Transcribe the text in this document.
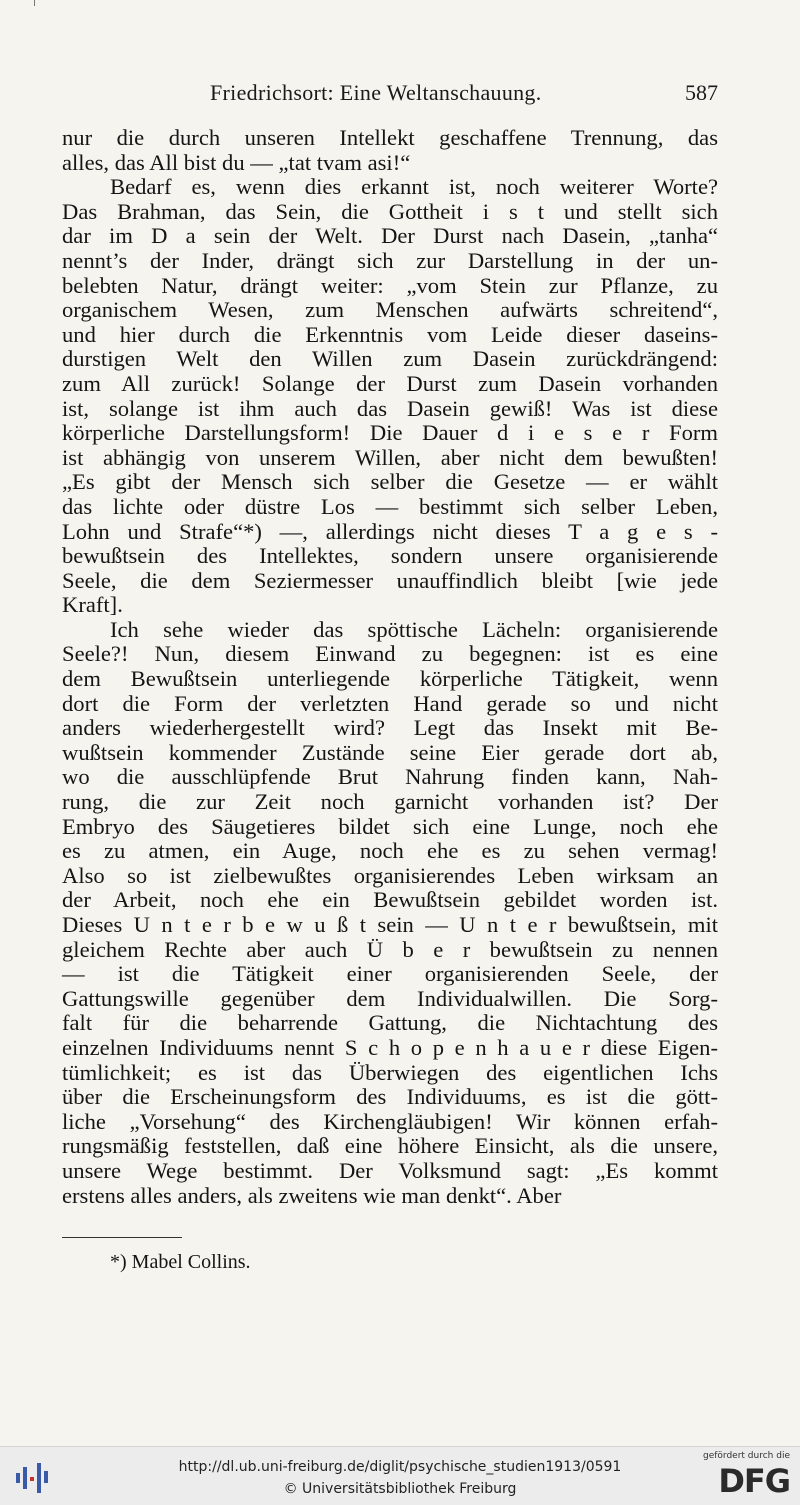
Friedrichsort: Eine Weltanschauung.	587
nur die durch unseren Intellekt geschaffene Trennung, das
alles, das All bist du — „tat tvam asi!“
Bedarf es, wenn dies erkannt ist, noch weiterer Worte?
Das Brahman, das Sein, die Gottheit i s t und stellt sich
dar im D a sein der Welt. Der Durst nach Dasein, „tanha“
nennt’s der Inder, drängt sich zur Darstellung in der un-
belebten Natur, drängt weiter: „vom Stein zur Pflanze, zu
organischem Wesen, zum Menschen aufwärts schreitend“,
und hier durch die Erkenntnis vom Leide dieser daseins-
durstigen Welt den Willen zum Dasein zurückdrängend:
zum All zurück! Solange der Durst zum Dasein vorhanden
ist, solange ist ihm auch das Dasein gewiß! Was ist diese
körperliche Darstellungsform! Die Dauer d i e s e r Form
ist abhängig von unserem Willen, aber nicht dem bewußten!
„Es gibt der Mensch sich selber die Gesetze — er wählt
das lichte oder düstre Los — bestimmt sich selber Leben,
Lohn und Strafe“*) —, allerdings nicht dieses T a g e s -
bewußtsein des Intellektes, sondern unsere organisierende
Seele, die dem Seziermesser unauffindlich bleibt [wie jede
Kraft].
Ich sehe wieder das spöttische Lächeln: organisierende
Seele?! Nun, diesem Einwand zu begegnen: ist es eine
dem Bewußtsein unterliegende körperliche Tätigkeit, wenn
dort die Form der verletzten Hand gerade so und nicht
anders wiederhergestellt wird? Legt das Insekt mit Be-
wußtsein kommender Zustände seine Eier gerade dort ab,
wo die ausschlüpfende Brut Nahrung finden kann, Nah-
rung, die zur Zeit noch garnicht vorhanden ist? Der
Embryo des Säugetieres bildet sich eine Lunge, noch ehe
es zu atmen, ein Auge, noch ehe es zu sehen vermag!
Also so ist zielbewußtes organisierendes Leben wirksam an
der Arbeit, noch ehe ein Bewußtsein gebildet worden ist.
Dieses U n t e r b e w u ß t sein — U n t e r bewußtsein, mit
gleichem Rechte aber auch Ü b e r bewußtsein zu nennen
— ist die Tätigkeit einer organisierenden Seele, der
Gattungswille gegenüber dem Individualwillen. Die Sorg-
falt für die beharrende Gattung, die Nichtachtung des
einzelnen Individuums nennt S c h o p e n h a u e r diese Eigen-
tümlichkeit; es ist das Überwiegen des eigentlichen Ichs
über die Erscheinungsform des Individuums, es ist die gött-
liche „Vorsehung“ des Kirchengläubigen! Wir können erfah-
rungsmäßig feststellen, daß eine höhere Einsicht, als die unsere,
unsere Wege bestimmt. Der Volksmund sagt: „Es kommt
erstens alles anders, als zweitens wie man denkt“. Aber
*) Mabel Collins.
http://dl.ub.uni-freiburg.de/diglit/psychische_studien1913/0591
© Universitätsbibliothek Freiburg
gefördert durch die
DFG
